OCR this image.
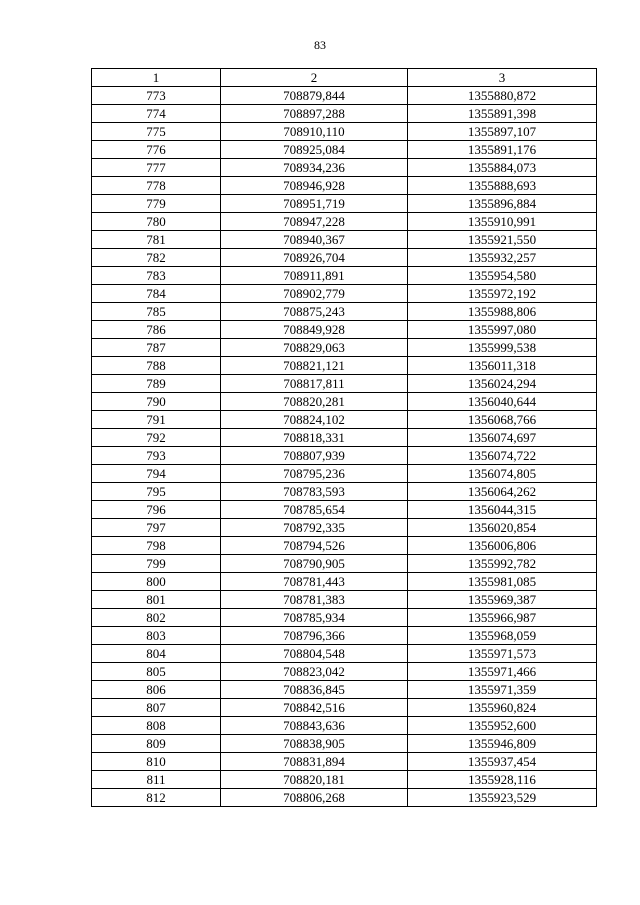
83
1	2	3
773	708879,844	1355880,872
774	708897,288	1355891,398
775	708910,110	1355897,107
776	708925,084	1355891,176
777	708934,236	1355884,073
778	708946,928	1355888,693
779	708951,719	1355896,884
780	708947,228	1355910,991
781	708940,367	1355921,550
782	708926,704	1355932,257
783	708911,891	1355954,580
784	708902,779	1355972,192
785	708875,243	1355988,806
786	708849,928	1355997,080
787	708829,063	1355999,538
788	708821,121	1356011,318
789	708817,811	1356024,294
790	708820,281	1356040,644
791	708824,102	1356068,766
792	708818,331	1356074,697
793	708807,939	1356074,722
794	708795,236	1356074,805
795	708783,593	1356064,262
796	708785,654	1356044,315
797	708792,335	1356020,854
798	708794,526	1356006,806
799	708790,905	1355992,782
800	708781,443	1355981,085
801	708781,383	1355969,387
802	708785,934	1355966,987
803	708796,366	1355968,059
804	708804,548	1355971,573
805	708823,042	1355971,466
806	708836,845	1355971,359
807	708842,516	1355960,824
808	708843,636	1355952,600
809	708838,905	1355946,809
810	708831,894	1355937,454
811	708820,181	1355928,116
812	708806,268	1355923,529
